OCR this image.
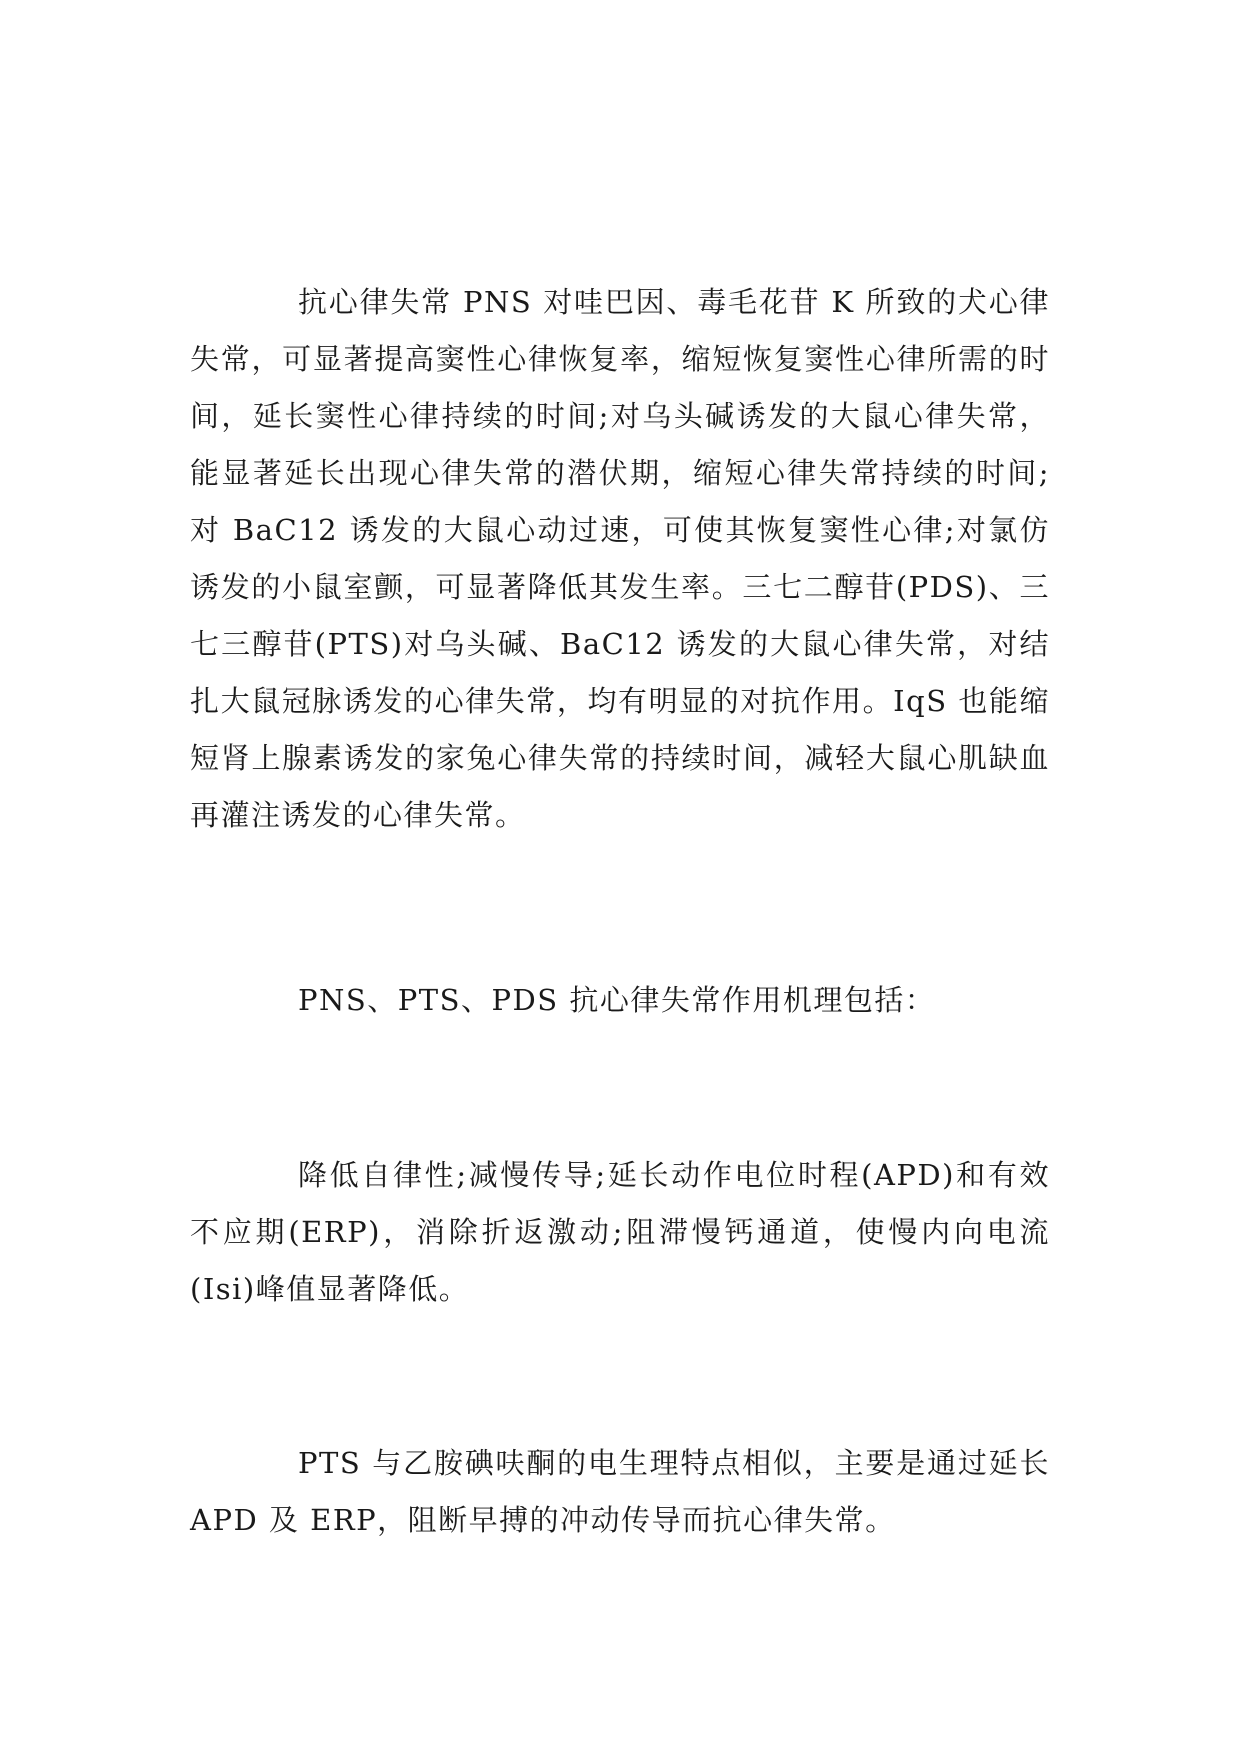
抗心律失常 PNS 对哇巴因、毒毛花苷 K 所致的犬心律失常，可显著提高窦性心律恢复率，缩短恢复窦性心律所需的时间，延长窦性心律持续的时间;对乌头碱诱发的大鼠心律失常，能显著延长出现心律失常的潜伏期，缩短心律失常持续的时间;对 BaC12 诱发的大鼠心动过速，可使其恢复窦性心律;对氯仿诱发的小鼠室颤，可显著降低其发生率。三七二醇苷(PDS)、三七三醇苷(PTS)对乌头碱、BaC12 诱发的大鼠心律失常，对结扎大鼠冠脉诱发的心律失常，均有明显的对抗作用。IqS 也能缩短肾上腺素诱发的家兔心律失常的持续时间，减轻大鼠心肌缺血再灌注诱发的心律失常。

PNS、PTS、PDS 抗心律失常作用机理包括：

降低自律性;减慢传导;延长动作电位时程(APD)和有效不应期(ERP)，消除折返激动;阻滞慢钙通道，使慢内向电流(Isi)峰值显著降低。

PTS 与乙胺碘呋酮的电生理特点相似，主要是通过延长 APD 及 ERP，阻断早搏的冲动传导而抗心律失常。
